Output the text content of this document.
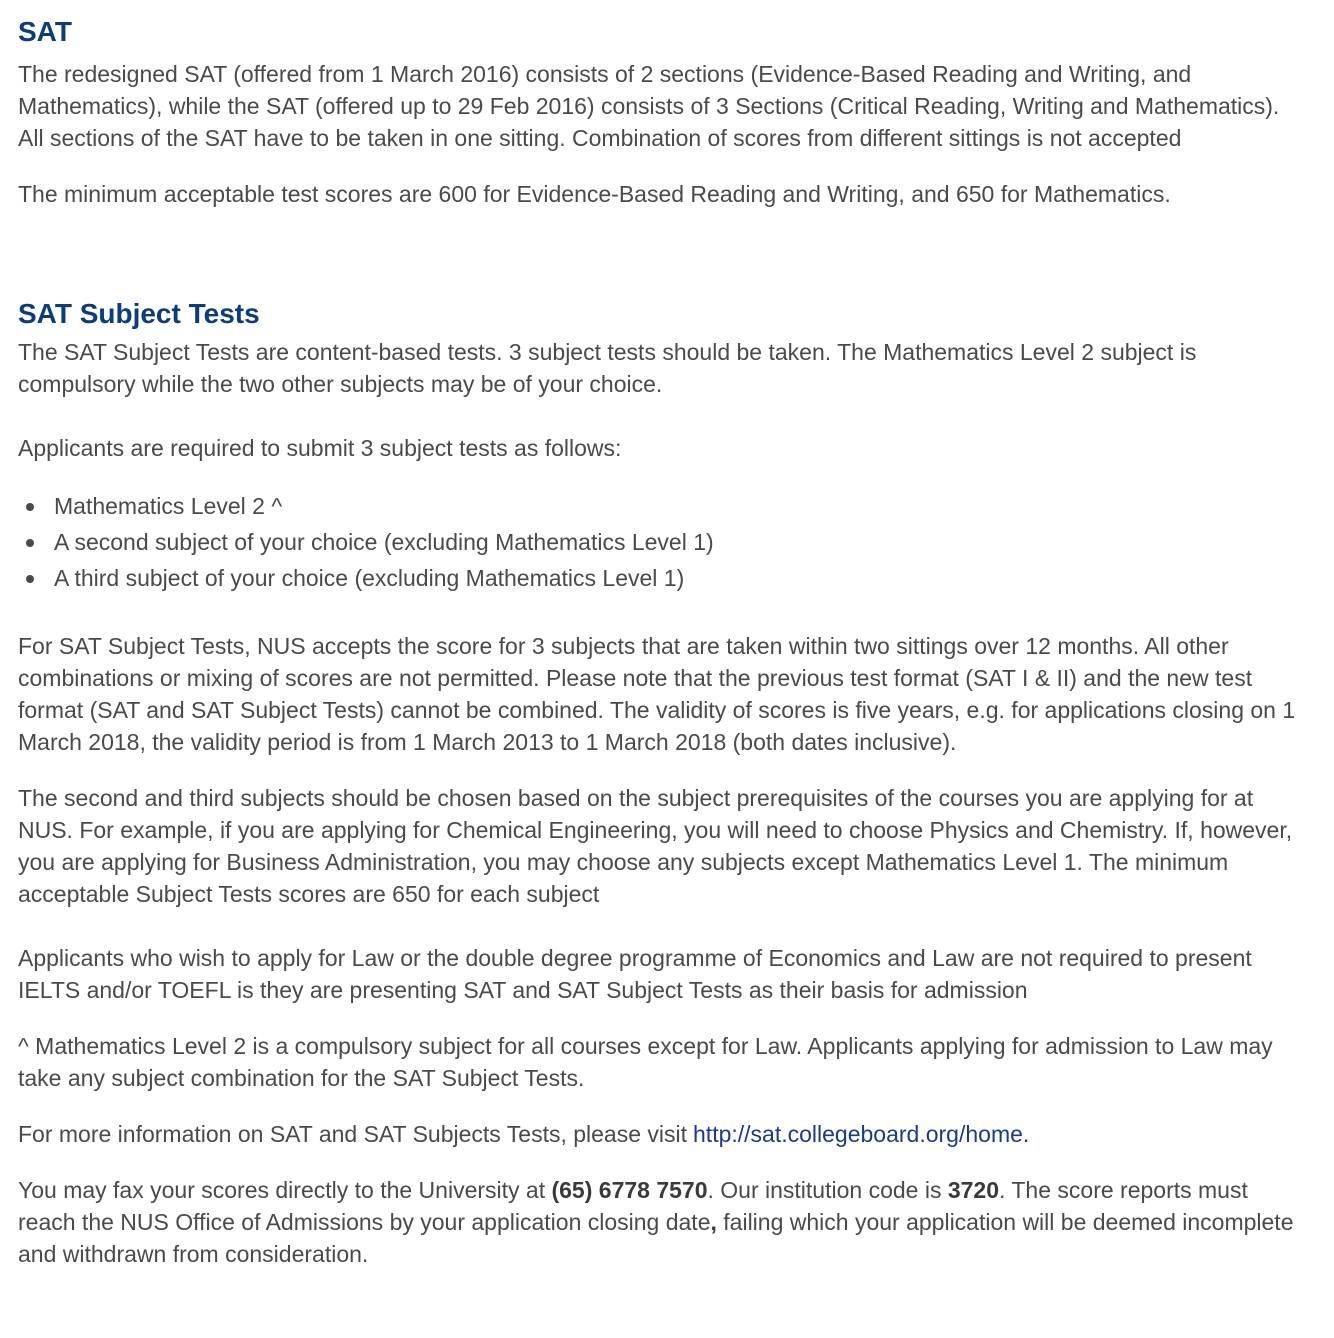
SAT

The redesigned SAT (offered from 1 March 2016) consists of 2 sections (Evidence-Based Reading and Writing, and Mathematics), while the SAT (offered up to 29 Feb 2016) consists of 3 Sections (Critical Reading, Writing and Mathematics). All sections of the SAT have to be taken in one sitting. Combination of scores from different sittings is not accepted

The minimum acceptable test scores are 600 for Evidence-Based Reading and Writing, and 650 for Mathematics.

SAT Subject Tests

The SAT Subject Tests are content-based tests. 3 subject tests should be taken. The Mathematics Level 2 subject is compulsory while the two other subjects may be of your choice.

Applicants are required to submit 3 subject tests as follows:

Mathematics Level 2 ^
A second subject of your choice (excluding Mathematics Level 1)
A third subject of your choice (excluding Mathematics Level 1)

For SAT Subject Tests, NUS accepts the score for 3 subjects that are taken within two sittings over 12 months. All other combinations or mixing of scores are not permitted. Please note that the previous test format (SAT I & II) and the new test format (SAT and SAT Subject Tests) cannot be combined. The validity of scores is five years, e.g. for applications closing on 1 March 2018, the validity period is from 1 March 2013 to 1 March 2018 (both dates inclusive).

The second and third subjects should be chosen based on the subject prerequisites of the courses you are applying for at NUS. For example, if you are applying for Chemical Engineering, you will need to choose Physics and Chemistry. If, however, you are applying for Business Administration, you may choose any subjects except Mathematics Level 1. The minimum acceptable Subject Tests scores are 650 for each subject

Applicants who wish to apply for Law or the double degree programme of Economics and Law are not required to present IELTS and/or TOEFL is they are presenting SAT and SAT Subject Tests as their basis for admission

^ Mathematics Level 2 is a compulsory subject for all courses except for Law. Applicants applying for admission to Law may take any subject combination for the SAT Subject Tests.

For more information on SAT and SAT Subjects Tests, please visit http://sat.collegeboard.org/home.

You may fax your scores directly to the University at (65) 6778 7570. Our institution code is 3720. The score reports must reach the NUS Office of Admissions by your application closing date, failing which your application will be deemed incomplete and withdrawn from consideration.
